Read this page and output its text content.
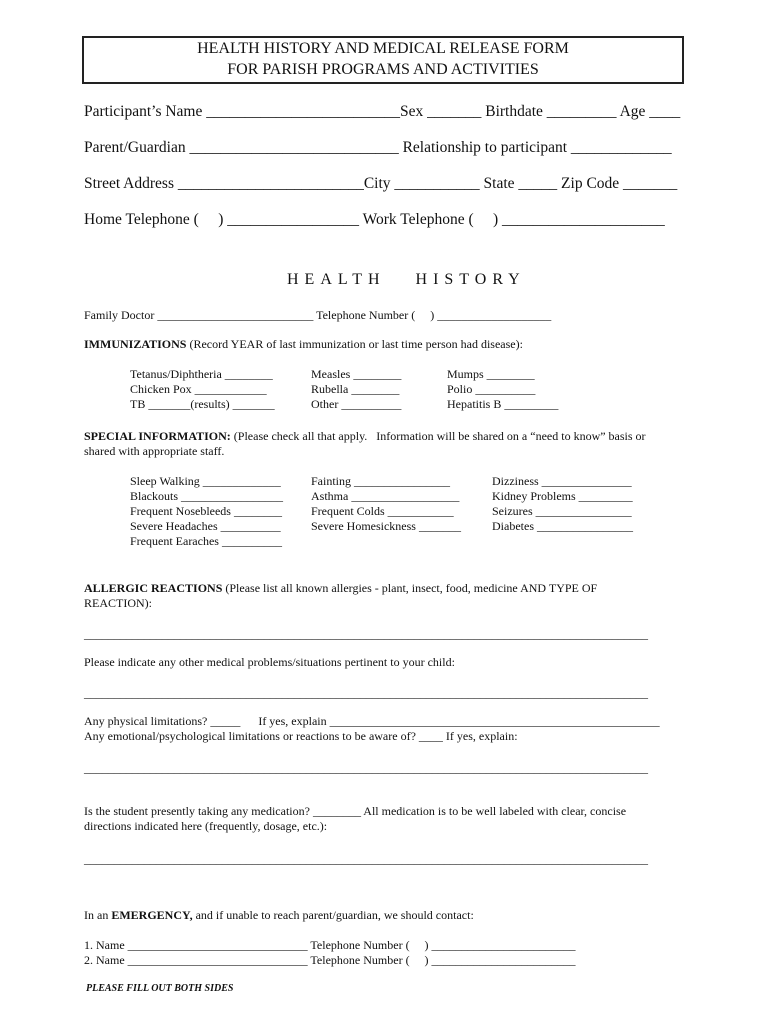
HEALTH HISTORY AND MEDICAL RELEASE FORM
FOR PARISH PROGRAMS AND ACTIVITIES
Participant’s Name _________________________Sex _______ Birthdate _________ Age ____
Parent/Guardian ___________________________ Relationship to participant _____________
Street Address ________________________City ___________ State _____ Zip Code _______
Home Telephone (     ) _________________ Work Telephone (     ) _____________________
HEALTH   HISTORY
Family Doctor __________________________ Telephone Number (     ) ___________________
IMMUNIZATIONS (Record YEAR of last immunization or last time person had disease):
Tetanus/Diphtheria ________
Chicken Pox ____________
TB _______(results) _______
Measles ________
Rubella ________
Other __________
Mumps ________
Polio __________
Hepatitis B _________
SPECIAL INFORMATION: (Please check all that apply.   Information will be shared on a “need to know” basis or
shared with appropriate staff.
Sleep Walking _____________
Blackouts _________________
Frequent Nosebleeds ________
Severe Headaches __________
Frequent Earaches __________
Fainting ________________
Asthma __________________
Frequent Colds ___________
Severe Homesickness _______
Dizziness _______________
Kidney Problems _________
Seizures ________________
Diabetes ________________
ALLERGIC REACTIONS (Please list all known allergies - plant, insect, food, medicine AND TYPE OF
REACTION):
______________________________________________________________________________________________
Please indicate any other medical problems/situations pertinent to your child:
______________________________________________________________________________________________
Any physical limitations? _____      If yes, explain _______________________________________________________
Any emotional/psychological limitations or reactions to be aware of? ____ If yes, explain:
______________________________________________________________________________________________
Is the student presently taking any medication? ________ All medication is to be well labeled with clear, concise
directions indicated here (frequently, dosage, etc.):
______________________________________________________________________________________________
In an EMERGENCY, and if unable to reach parent/guardian, we should contact:
1. Name ______________________________ Telephone Number (     ) ________________________
2. Name ______________________________ Telephone Number (     ) ________________________
PLEASE FILL OUT BOTH SIDES
